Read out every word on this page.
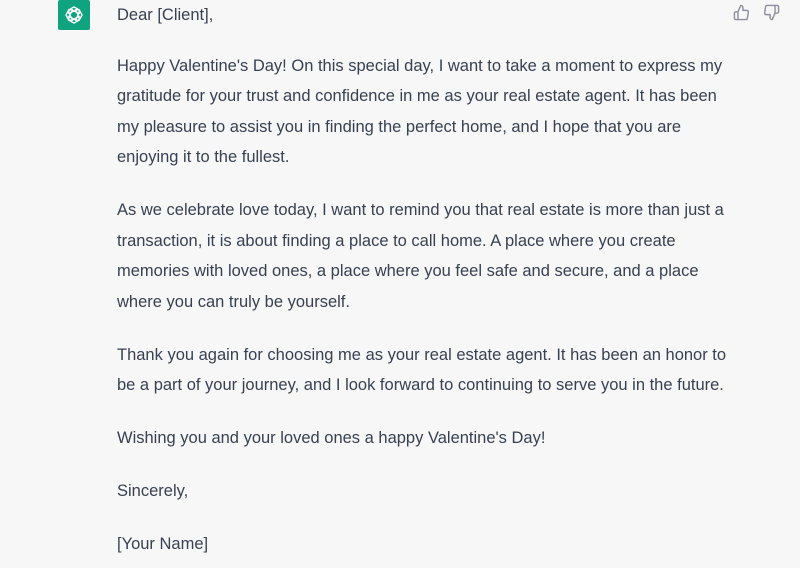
Dear [Client],

Happy Valentine's Day! On this special day, I want to take a moment to express my gratitude for your trust and confidence in me as your real estate agent. It has been my pleasure to assist you in finding the perfect home, and I hope that you are enjoying it to the fullest.

As we celebrate love today, I want to remind you that real estate is more than just a transaction, it is about finding a place to call home. A place where you create memories with loved ones, a place where you feel safe and secure, and a place where you can truly be yourself.

Thank you again for choosing me as your real estate agent. It has been an honor to be a part of your journey, and I look forward to continuing to serve you in the future.

Wishing you and your loved ones a happy Valentine's Day!

Sincerely,

[Your Name]
